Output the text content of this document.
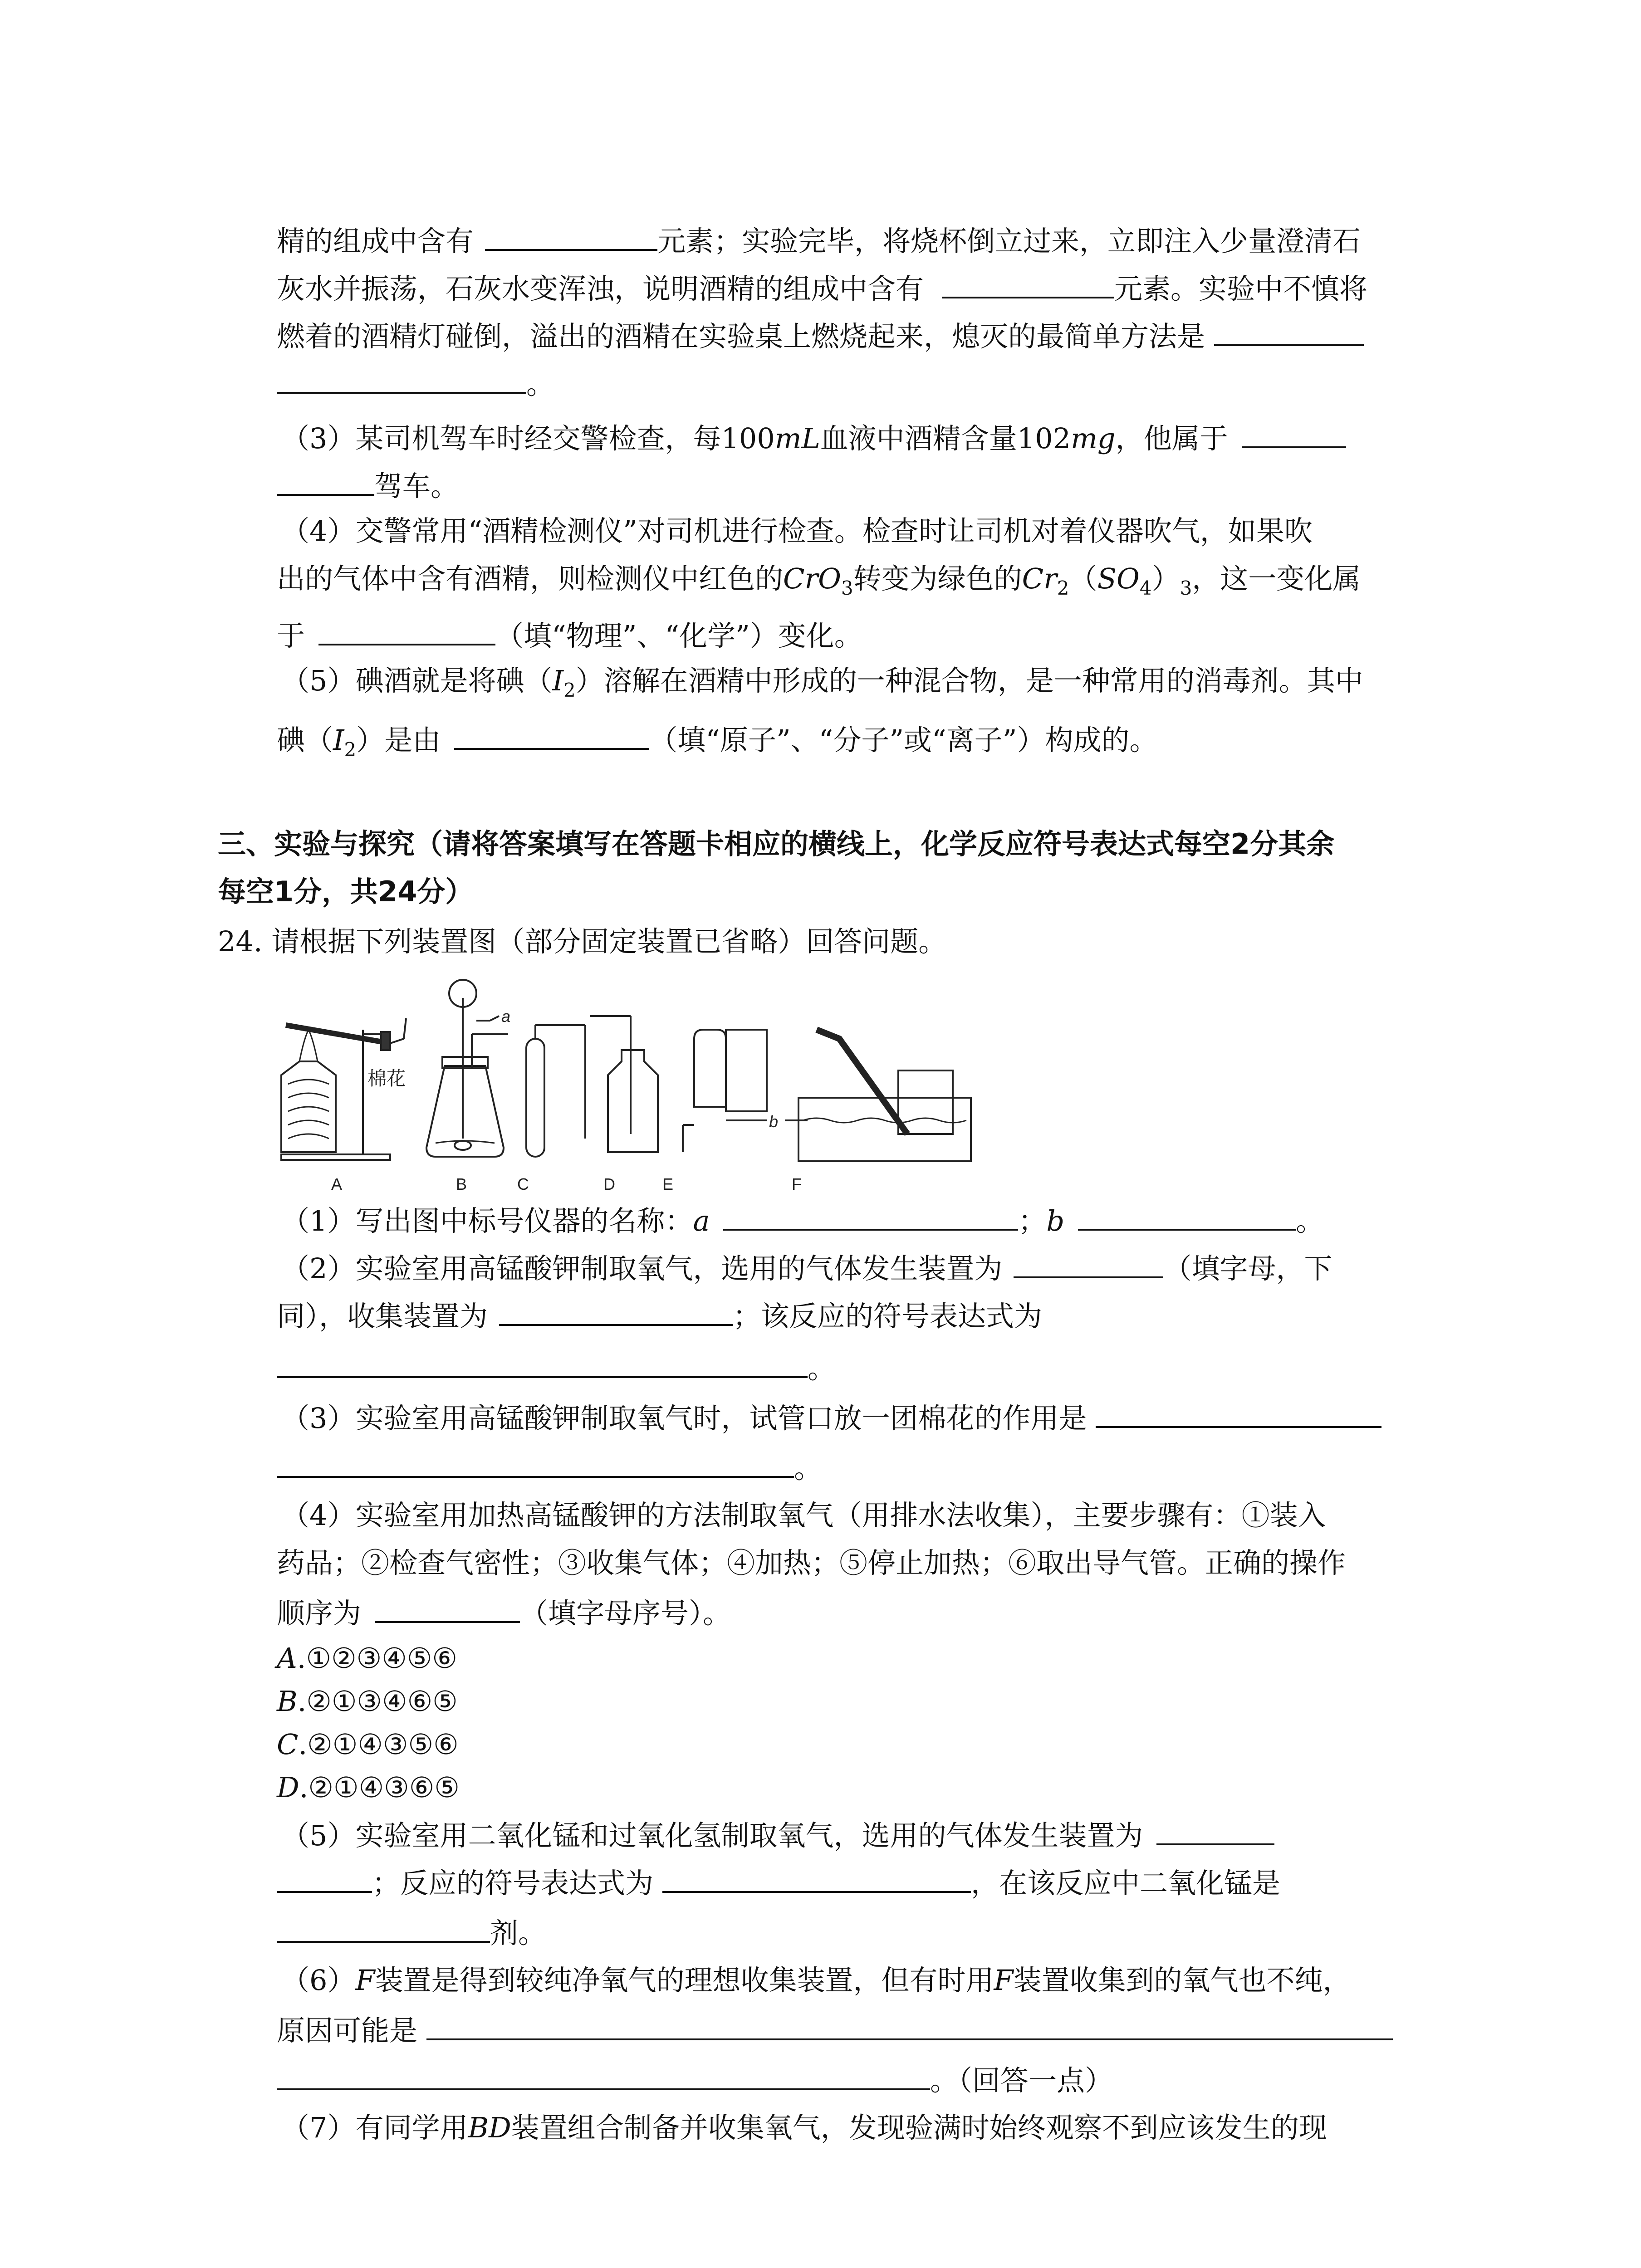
精的组成中含有	元素；实验完毕，将烧杯倒立过来，立即注入少量澄清石
灰水并振荡，石灰水变浑浊，说明酒精的组成中含有	元素。实验中不慎将
燃着的酒精灯碰倒，溢出的酒精在实验桌上燃烧起来，熄灭的最简单方法是
。
（3）某司机驾车时经交警检查，每100mL血液中酒精含量102mg，他属于
驾车。
（4）交警常用“酒精检测仪”对司机进行检查。检查时让司机对着仪器吹气，如果吹
出的气体中含有酒精，则检测仪中红色的CrO$_3$转变为绿色的$Cr_2(SO_4)_3$，这一变化属
于	（填“物理”、“化学”）变化。
（5）碘酒就是将碘$(I_2)$溶解在酒精中形成的一种混合物，是一种常用的消毒剂。其中
碘$(I_2)$是由	（填“原子”、“分子”或“离子”）构成的。
三、实验与探究（请将答案填写在答题卡相应的横线上，化学反应符号表达式每空2分其余
每空1分，共24分）
24. 请根据下列装置图（部分固定装置已省略）回答问题。
棉花
a
b
A	B	C	D	E	F
（1）写出图中标号仪器的名称：a	；b	。
（2）实验室用高锰酸钾制取氧气，选用的气体发生装置为	（填字母，下
同），收集装置为	；该反应的符号表达式为
。
（3）实验室用高锰酸钾制取氧气时，试管口放一团棉花的作用是
。
（4）实验室用加热高锰酸钾的方法制取氧气（用排水法收集），主要步骤有：①装入
药品；②检查气密性；③收集气体；④加热；⑤停止加热；⑥取出导气管。正确的操作
顺序为	（填字母序号）。
A.①②③④⑤⑥
B.②①③④⑥⑤
C.②①④③⑤⑥
D.②①④③⑥⑤
（5）实验室用二氧化锰和过氧化氢制取氧气，选用的气体发生装置为
；反应的符号表达式为	，在该反应中二氧化锰是
剂。
（6）F装置是得到较纯净氧气的理想收集装置，但有时用F装置收集到的氧气也不纯，
原因可能是
。（回答一点）
（7）有同学用BD装置组合制备并收集氧气，发现验满时始终观察不到应该发生的现
